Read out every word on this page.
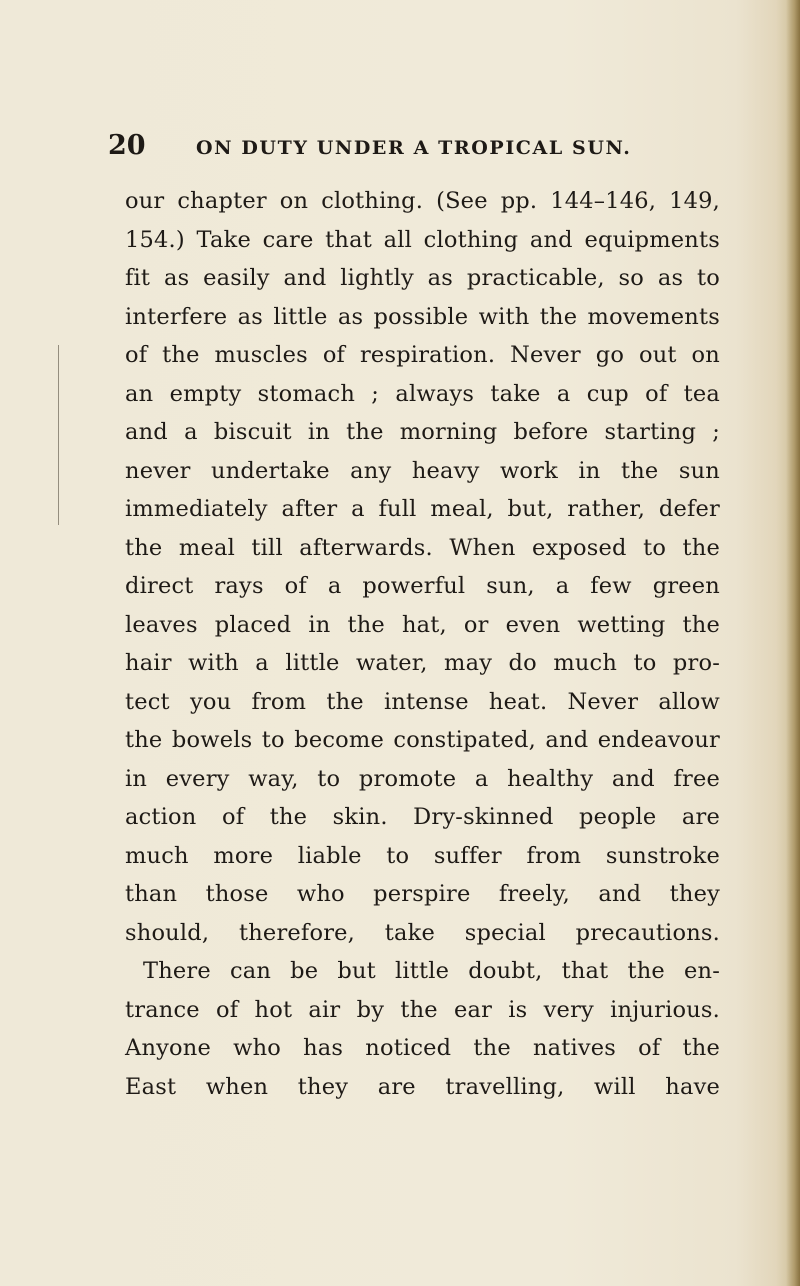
20	ON DUTY UNDER A TROPICAL SUN.
our chapter on clothing. (See pp. 144–146, 149,
154.) Take care that all clothing and equipments
fit as easily and lightly as practicable, so as to
interfere as little as possible with the movements
of the muscles of respiration. Never go out on
an empty stomach ; always take a cup of tea
and a biscuit in the morning before starting ;
never undertake any heavy work in the sun
immediately after a full meal, but, rather, defer
the meal till afterwards. When exposed to the
direct rays of a powerful sun, a few green
leaves placed in the hat, or even wetting the
hair with a little water, may do much to pro-
tect you from the intense heat. Never allow
the bowels to become constipated, and endeavour
in every way, to promote a healthy and free
action of the skin. Dry-skinned people are
much more liable to suffer from sunstroke
than those who perspire freely, and they
should, therefore, take special precautions.
There can be but little doubt, that the en-
trance of hot air by the ear is very injurious.
Anyone who has noticed the natives of the
East when they are travelling, will have
